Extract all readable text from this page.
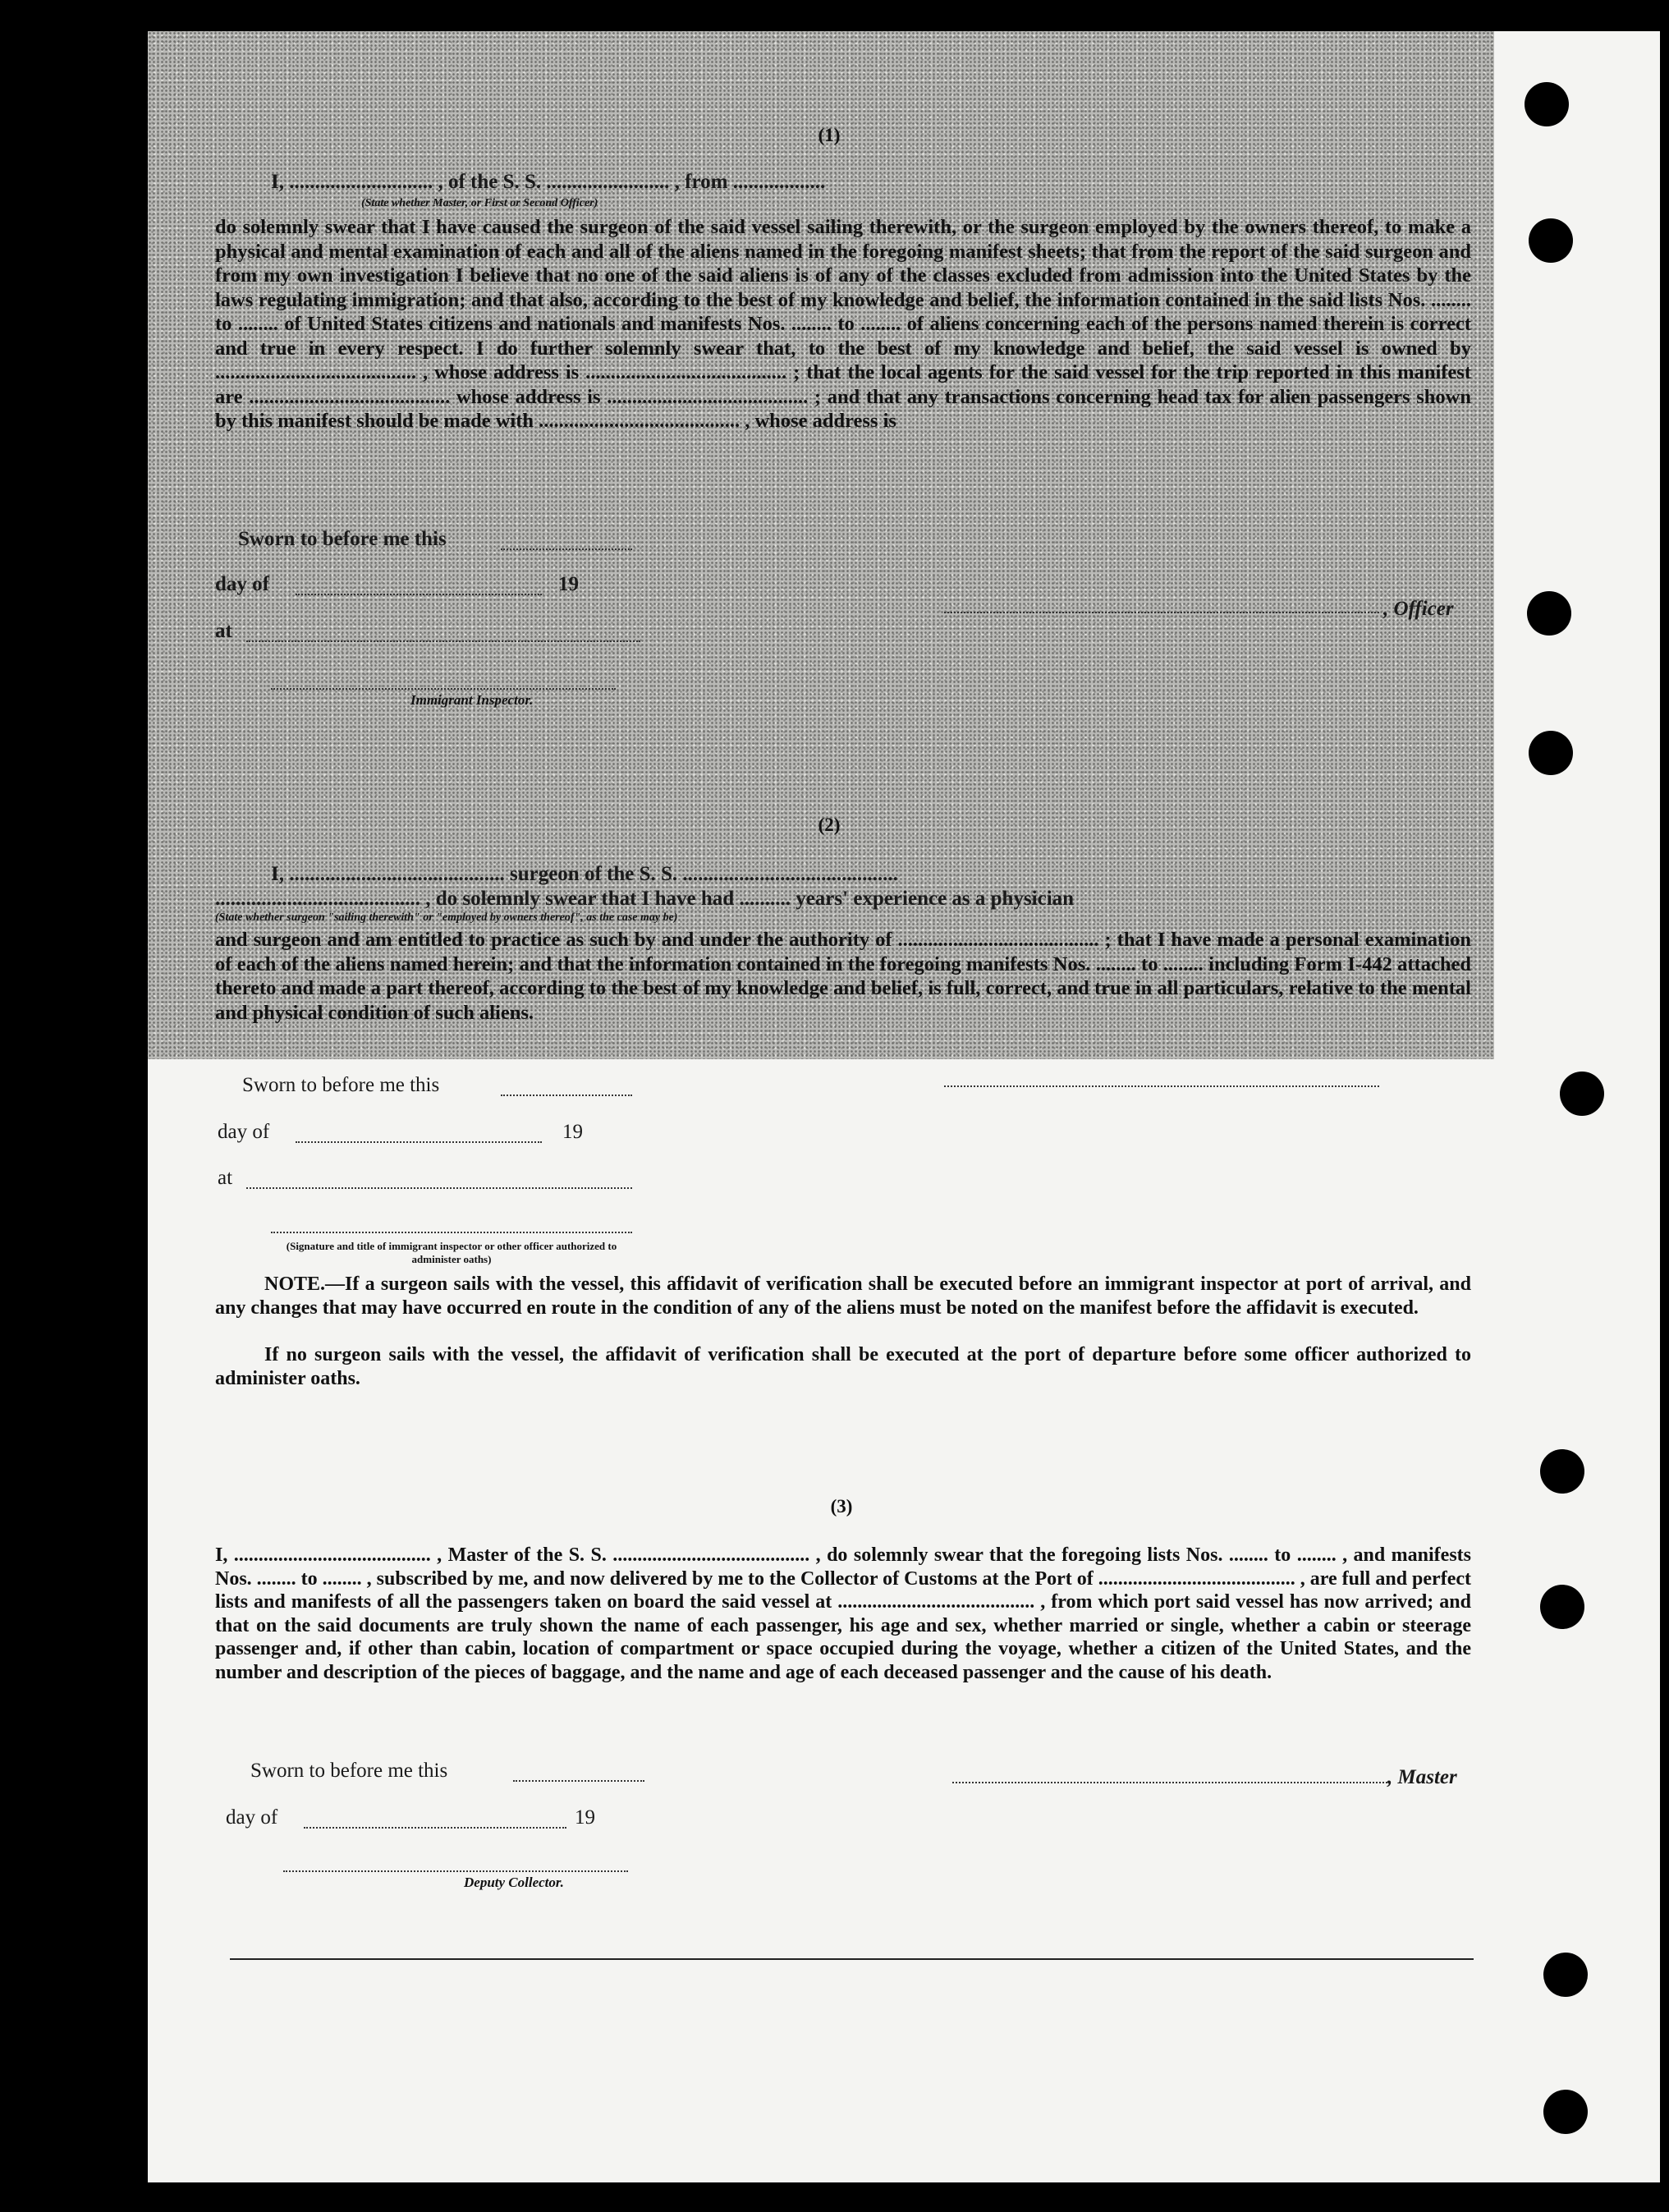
(1)
I, ............................ , of the S. S. ........................ , from ..................
(State whether Master, or First or Second Officer)
do solemnly swear that I have caused the surgeon of the said vessel sailing therewith, or the surgeon employed by the owners thereof, to make a physical and mental examination of each and all of the aliens named in the foregoing manifest sheets; that from the report of the said surgeon and from my own investigation I believe that no one of the said aliens is of any of the classes excluded from admission into the United States by the laws regulating immigration; and that also, according to the best of my knowledge and belief, the information contained in the said lists Nos. ........ to ........ of United States citizens and nationals and manifests Nos. ........ to ........ of aliens concerning each of the persons named therein is correct and true in every respect. I do further solemnly swear that, to the best of my knowledge and belief, the said vessel is owned by ........................................ , whose address is ........................................ ; that the local agents for the said vessel for the trip reported in this manifest are ........................................ whose address is ........................................ ; and that any transactions concerning head tax for alien passengers shown by this manifest should be made with ........................................ , whose address is
Sworn to before me this
day of	19
at
, Officer
Immigrant Inspector.
(2)
I, .......................................... surgeon of the S. S. ..........................................
........................................ , do solemnly swear that I have had .......... years' experience as a physician
(State whether surgeon "sailing therewith" or "employed by owners thereof", as the case may be)
and surgeon and am entitled to practice as such by and under the authority of ........................................ ; that I have made a personal examination of each of the aliens named herein; and that the information contained in the foregoing manifests Nos. ........ to ........ including Form I-442 attached thereto and made a part thereof, according to the best of my knowledge and belief, is full, correct, and true in all particulars, relative to the mental and physical condition of such aliens.
Sworn to before me this
day of	19
at
(Signature and title of immigrant inspector or other officer authorized to administer oaths)
NOTE.—If a surgeon sails with the vessel, this affidavit of verification shall be executed before an immigrant inspector at port of arrival, and any changes that may have occurred en route in the condition of any of the aliens must be noted on the manifest before the affidavit is executed.
If no surgeon sails with the vessel, the affidavit of verification shall be executed at the port of departure before some officer authorized to administer oaths.
(3)
I, ........................................ , Master of the S. S. ........................................ , do solemnly swear that the foregoing lists Nos. ........ to ........ , and manifests Nos. ........ to ........ , subscribed by me, and now delivered by me to the Collector of Customs at the Port of ........................................ , are full and perfect lists and manifests of all the passengers taken on board the said vessel at ........................................ , from which port said vessel has now arrived; and that on the said documents are truly shown the name of each passenger, his age and sex, whether married or single, whether a cabin or steerage passenger and, if other than cabin, location of compartment or space occupied during the voyage, whether a citizen of the United States, and the number and description of the pieces of baggage, and the name and age of each deceased passenger and the cause of his death.
Sworn to before me this
day of	19
, Master
Deputy Collector.
